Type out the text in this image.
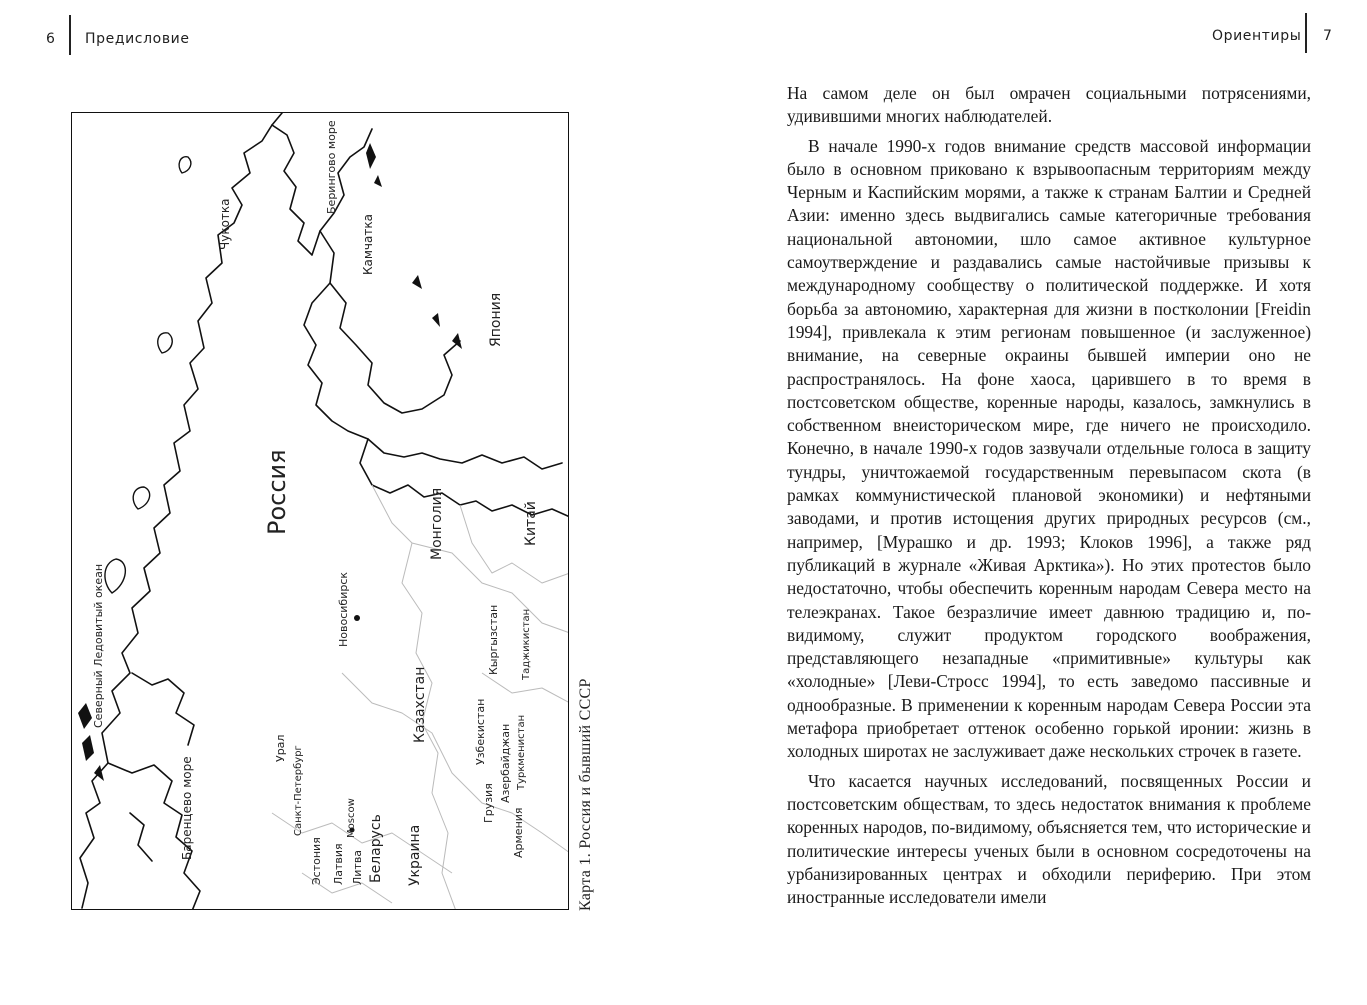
6 Предисловие	Ориентиры 7
Россия
Чукотка
Берингово море
Камчатка
Япония
Северный Ледовитый океан
Баренцево море
Урал
Новосибирск
Монголия	Китай
Казахстан
Кыргызстан Таджикистан
Туркменистан
Узбекистан Азербайджан
Армения
Грузия
Украина
Беларусь
Moscow
Санкт-Петербург
Эстония Латвия Литва	Карта 1. Россия и бывший СССР

На самом деле он был омрачен социальными потрясениями, удивившими многих наблюдателей.

В начале 1990-х годов внимание средств массовой информации было в основном приковано к взрывоопасным территориям между Черным и Каспийским морями, а также к странам Балтии и Средней Азии: именно здесь выдвигались самые категоричные требования национальной автономии, шло самое активное культурное самоутверждение и раздавались самые настойчивые призывы к международному сообществу о политической поддержке. И хотя борьба за автономию, характерная для жизни в постколонии [Freidin 1994], привлекала к этим регионам повышенное (и заслуженное) внимание, на северные окраины бывшей империи оно не распространялось. На фоне хаоса, царившего в то время в постсоветском обществе, коренные народы, казалось, замкнулись в собственном внеисторическом мире, где ничего не происходило. Конечно, в начале 1990-х годов зазвучали отдельные голоса в защиту тундры, уничтожаемой государственным перевыпасом скота (в рамках коммунистической плановой экономики) и нефтяными заводами, и против истощения других природных ресурсов (см., например, [Мурашко и др. 1993; Клоков 1996], а также ряд публикаций в журнале «Живая Арктика»). Но этих протестов было недостаточно, чтобы обеспечить коренным народам Севера место на телеэкранах. Такое безразличие имеет давнюю традицию и, по-видимому, служит продуктом городского воображения, представляющего незападные «примитивные» культуры как «холодные» [Леви-Стросс 1994], то есть заведомо пассивные и однообразные. В применении к коренным народам Севера России эта метафора приобретает оттенок особенно горькой иронии: жизнь в холодных широтах не заслуживает даже нескольких строчек в газете.

Что касается научных исследований, посвященных России и постсоветским обществам, то здесь недостаток внимания к проблеме коренных народов, по-видимому, объясняется тем, что исторические и политические интересы ученых были в основном сосредоточены на урбанизированных центрах и обходили периферию. При этом иностранные исследователи имели
